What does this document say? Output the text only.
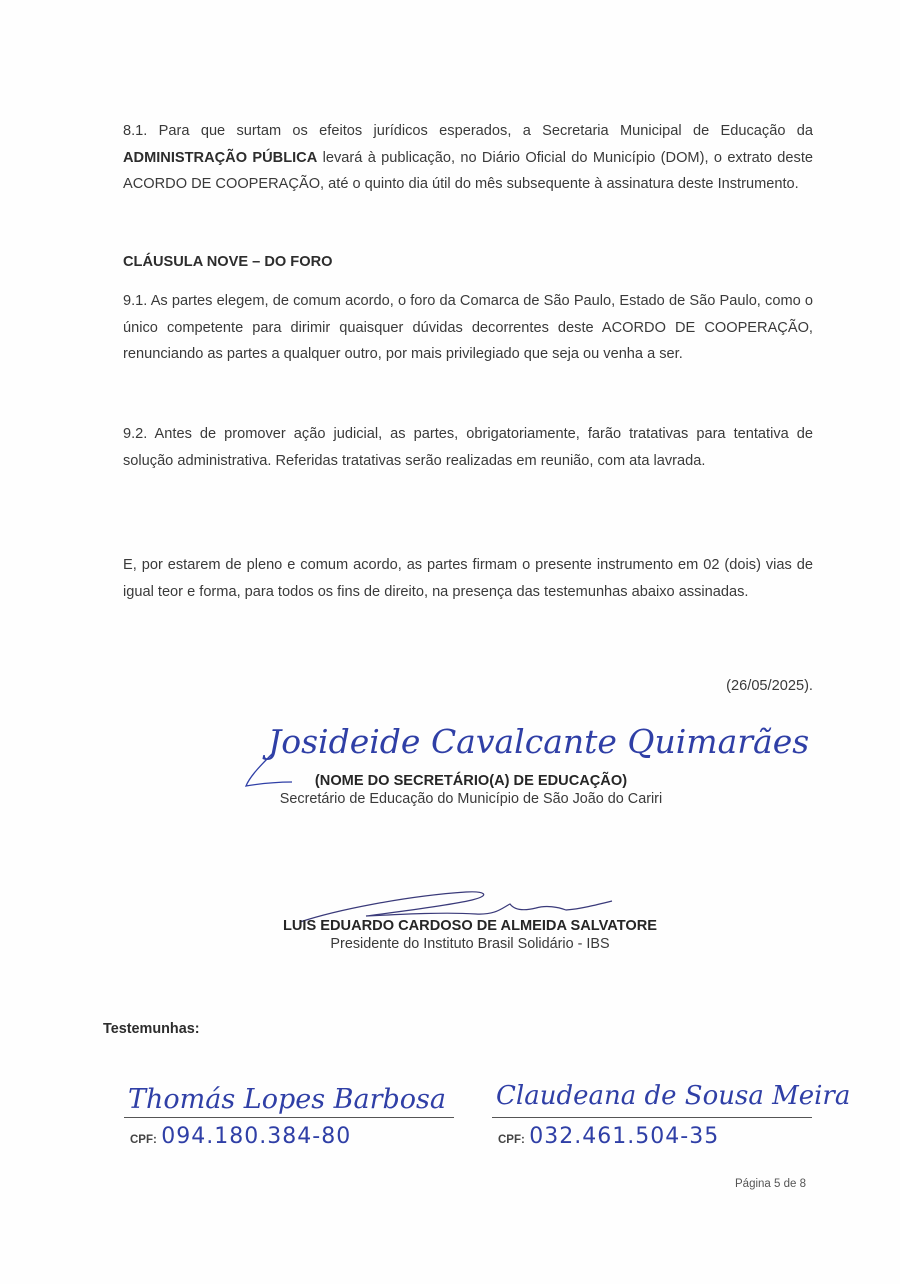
8.1. Para que surtam os efeitos jurídicos esperados, a Secretaria Municipal de Educação da ADMINISTRAÇÃO PÚBLICA levará à publicação, no Diário Oficial do Município (DOM), o extrato deste ACORDO DE COOPERAÇÃO, até o quinto dia útil do mês subsequente à assinatura deste Instrumento.

CLÁUSULA NOVE – DO FORO

9.1. As partes elegem, de comum acordo, o foro da Comarca de São Paulo, Estado de São Paulo, como o único competente para dirimir quaisquer dúvidas decorrentes deste ACORDO DE COOPERAÇÃO, renunciando as partes a qualquer outro, por mais privilegiado que seja ou venha a ser.

9.2. Antes de promover ação judicial, as partes, obrigatoriamente, farão tratativas para tentativa de solução administrativa. Referidas tratativas serão realizadas em reunião, com ata lavrada.

E, por estarem de pleno e comum acordo, as partes firmam o presente instrumento em 02 (dois) vias de igual teor e forma, para todos os fins de direito, na presença das testemunhas abaixo assinadas.

(26/05/2025).
Josideide Cavalcante Quimarães
(NOME DO SECRETÁRIO(A) DE EDUCAÇÃO)
Secretário de Educação do Município de São João do Cariri
LUIS EDUARDO CARDOSO DE ALMEIDA SALVATORE
Presidente do Instituto Brasil Solidário - IBS
Testemunhas:
Thomás Lopes Barbosa
CPF: 094.180.384-80
Claudeana de Sousa Meira
CPF: 032.461.504-35
Página 5 de 8
